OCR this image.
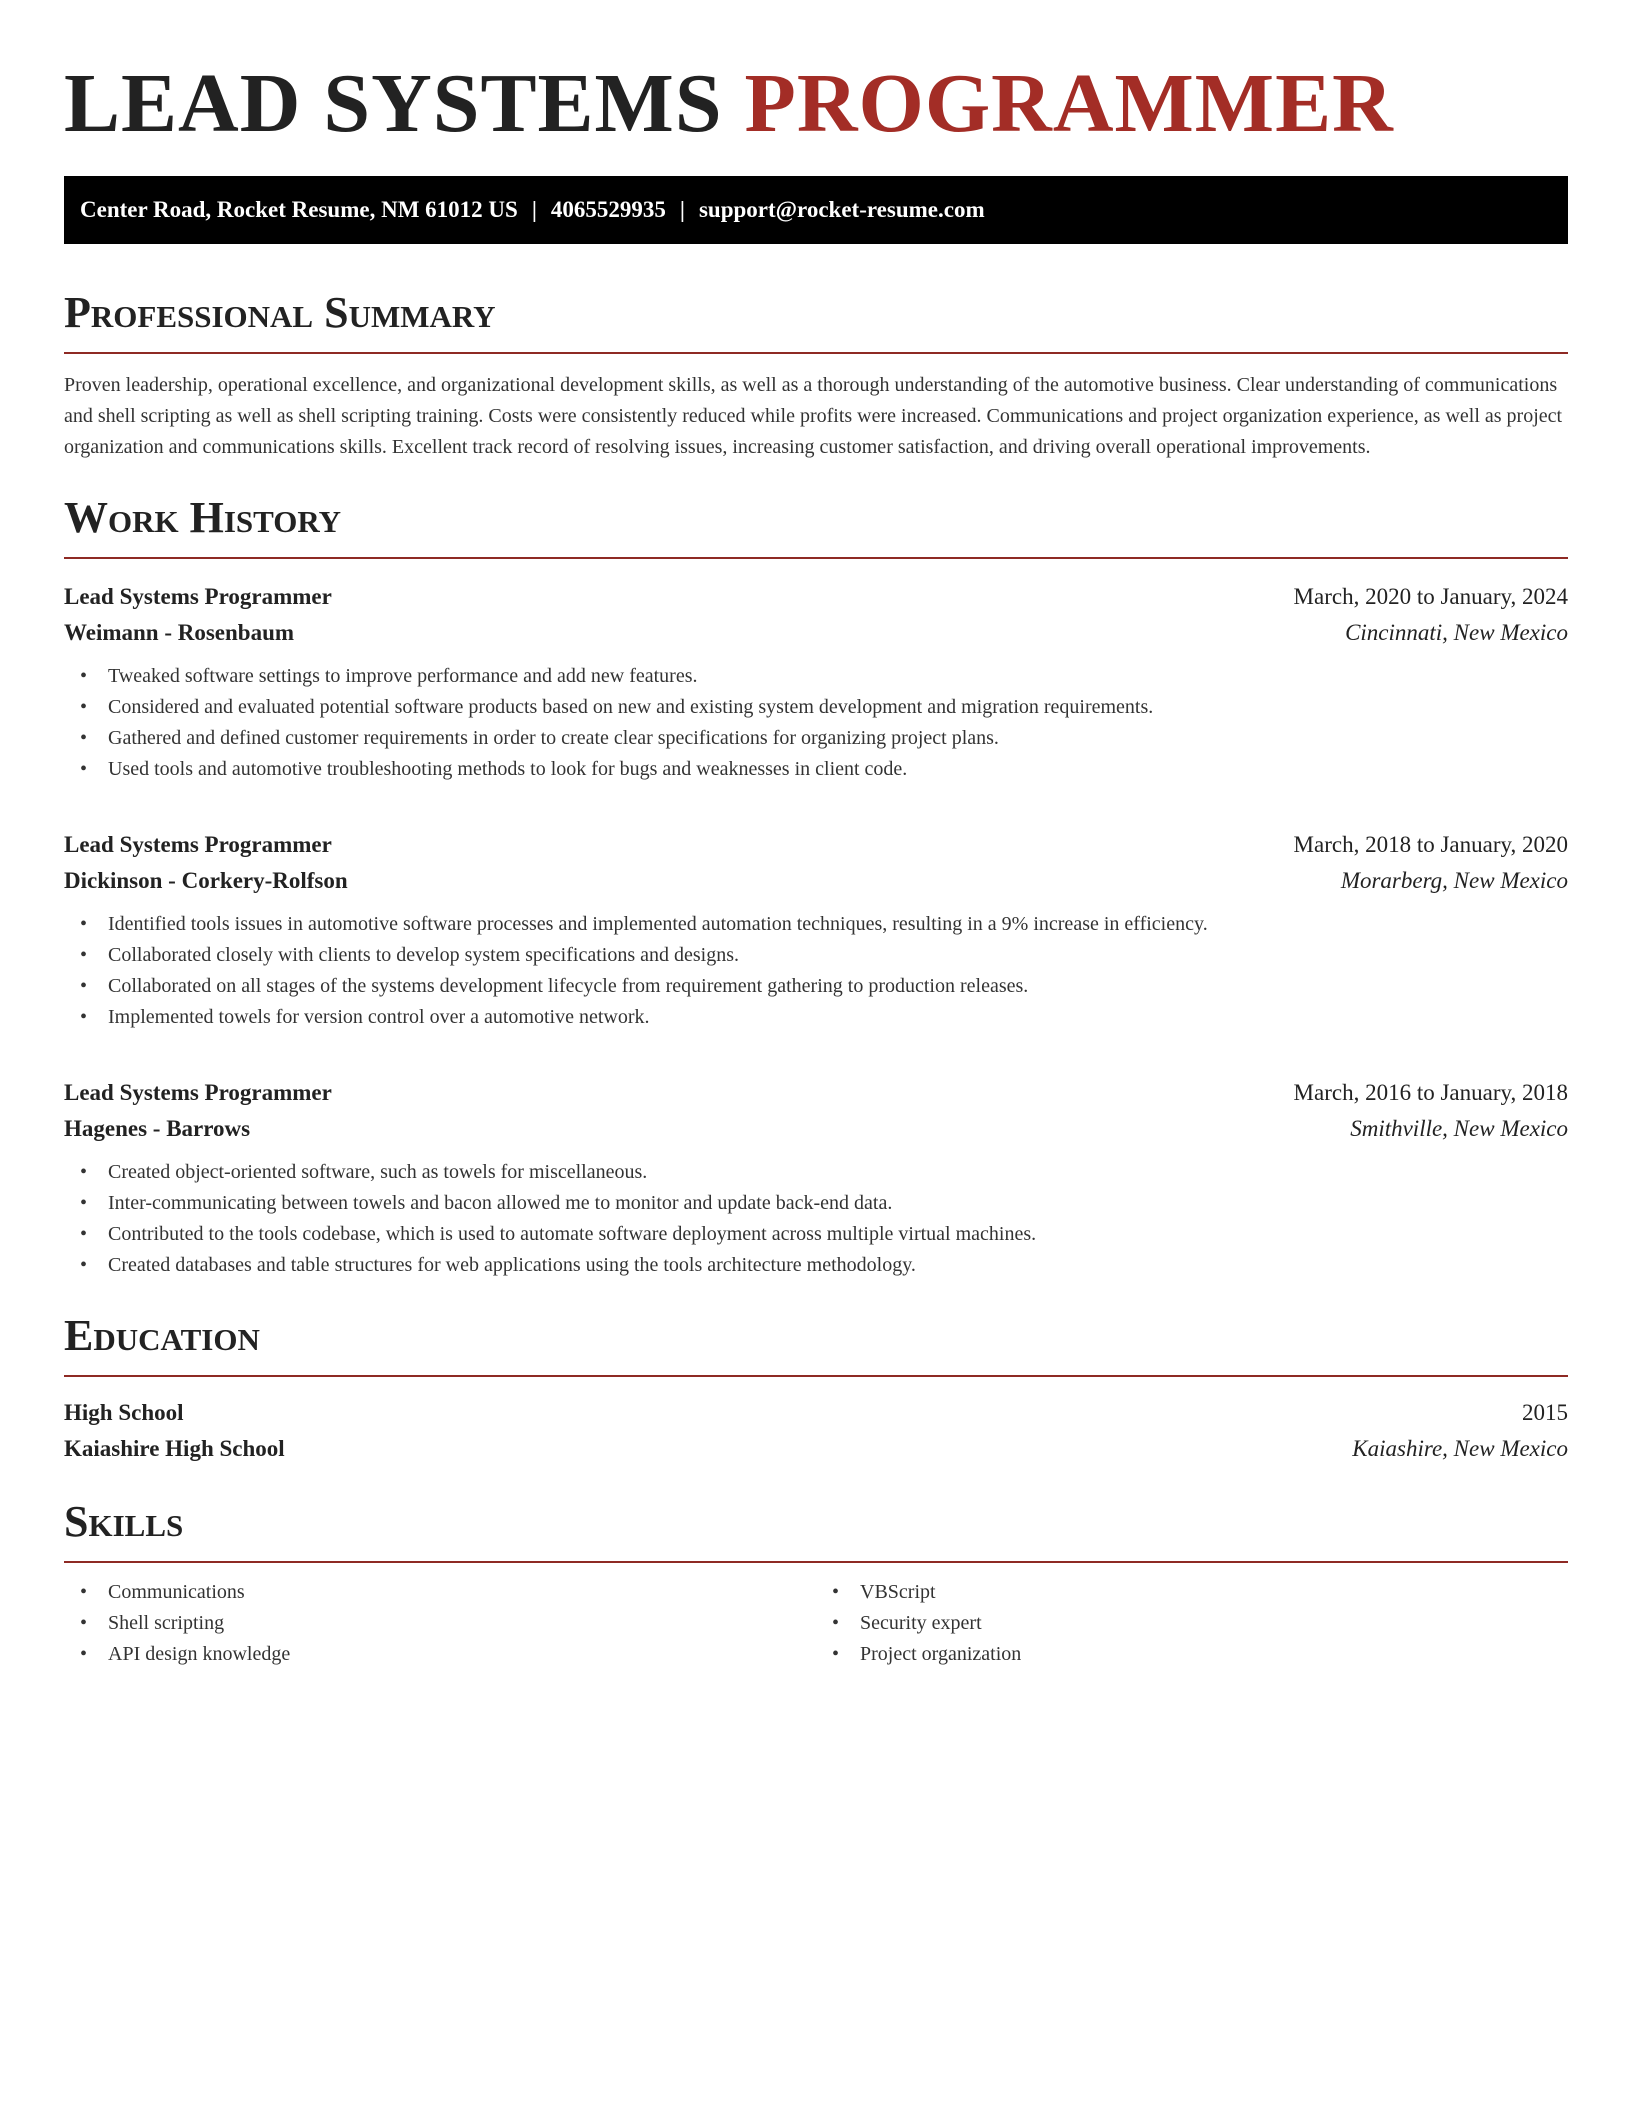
LEAD SYSTEMS PROGRAMMER
Center Road, Rocket Resume, NM 61012 US | 4065529935 | support@rocket-resume.com
Professional Summary

Proven leadership, operational excellence, and organizational development skills, as well as a thorough understanding of the automotive business. Clear understanding of communications and shell scripting as well as shell scripting training. Costs were consistently reduced while profits were increased. Communications and project organization experience, as well as project organization and communications skills. Excellent track record of resolving issues, increasing customer satisfaction, and driving overall operational improvements.

Work History
Lead Systems Programmer	March, 2020 to January, 2024
Weimann - Rosenbaum	Cincinnati, New Mexico
• Tweaked software settings to improve performance and add new features.
• Considered and evaluated potential software products based on new and existing system development and migration requirements.
• Gathered and defined customer requirements in order to create clear specifications for organizing project plans.
• Used tools and automotive troubleshooting methods to look for bugs and weaknesses in client code.
Lead Systems Programmer	March, 2018 to January, 2020
Dickinson - Corkery-Rolfson	Morarberg, New Mexico
• Identified tools issues in automotive software processes and implemented automation techniques, resulting in a 9% increase in efficiency.
• Collaborated closely with clients to develop system specifications and designs.
• Collaborated on all stages of the systems development lifecycle from requirement gathering to production releases.
• Implemented towels for version control over a automotive network.
Lead Systems Programmer	March, 2016 to January, 2018
Hagenes - Barrows	Smithville, New Mexico
• Created object-oriented software, such as towels for miscellaneous.
• Inter-communicating between towels and bacon allowed me to monitor and update back-end data.
• Contributed to the tools codebase, which is used to automate software deployment across multiple virtual machines.
• Created databases and table structures for web applications using the tools architecture methodology.
Education
High School	2015
Kaiashire High School	Kaiashire, New Mexico
Skills
• Communications
• Shell scripting
• API design knowledge
• VBScript
• Security expert
• Project organization
